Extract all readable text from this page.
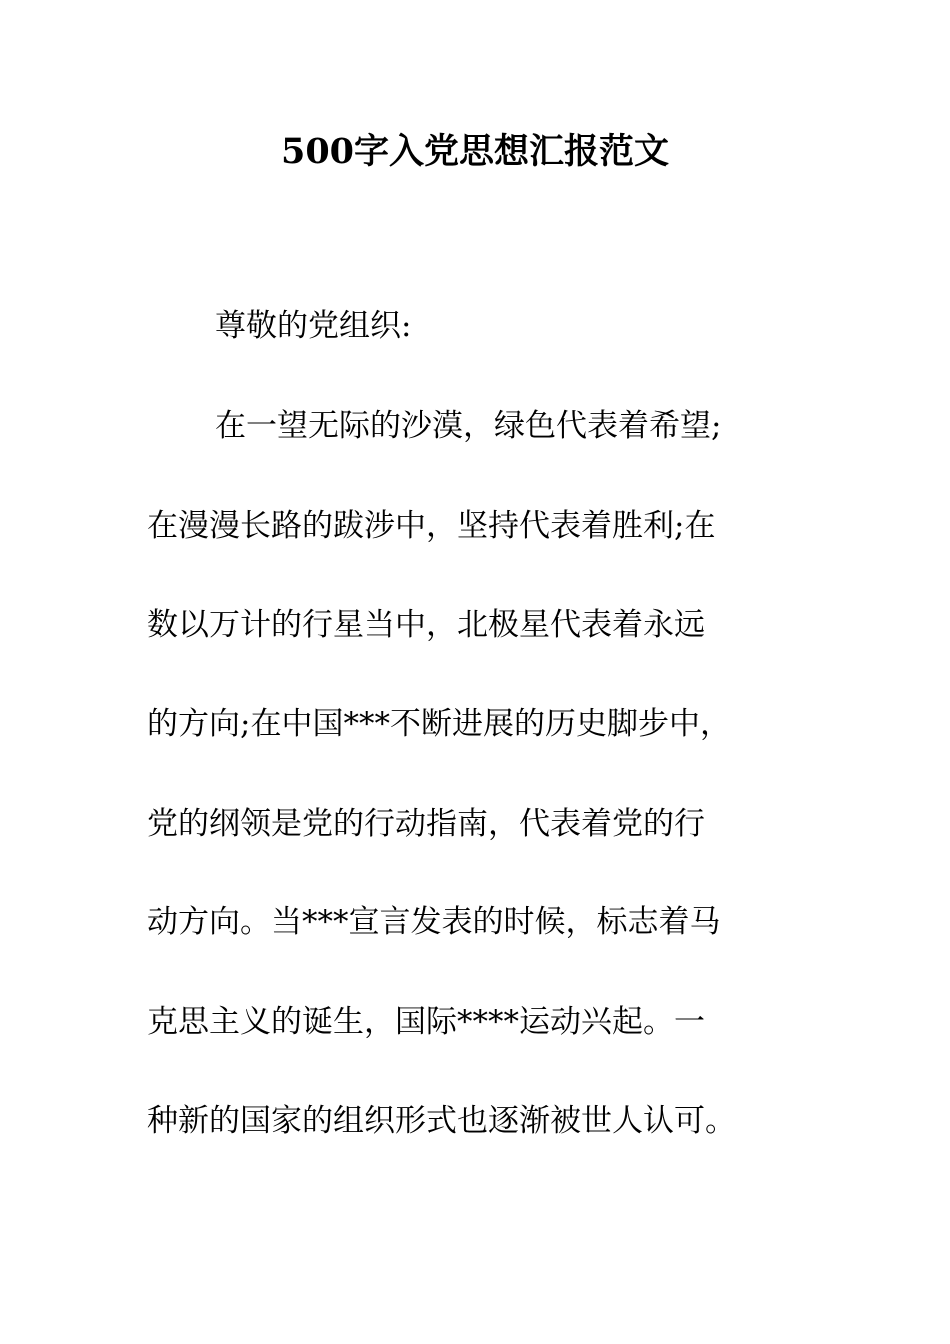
500字入党思想汇报范文
尊敬的党组织:
在一望无际的沙漠，绿色代表着希望;
在漫漫长路的跋涉中，坚持代表着胜利;在
数以万计的行星当中，北极星代表着永远
的方向;在中国***不断进展的历史脚步中，
党的纲领是党的行动指南，代表着党的行
动方向。当***宣言发表的时候，标志着马
克思主义的诞生，国际****运动兴起。一
种新的国家的组织形式也逐渐被世人认可。
